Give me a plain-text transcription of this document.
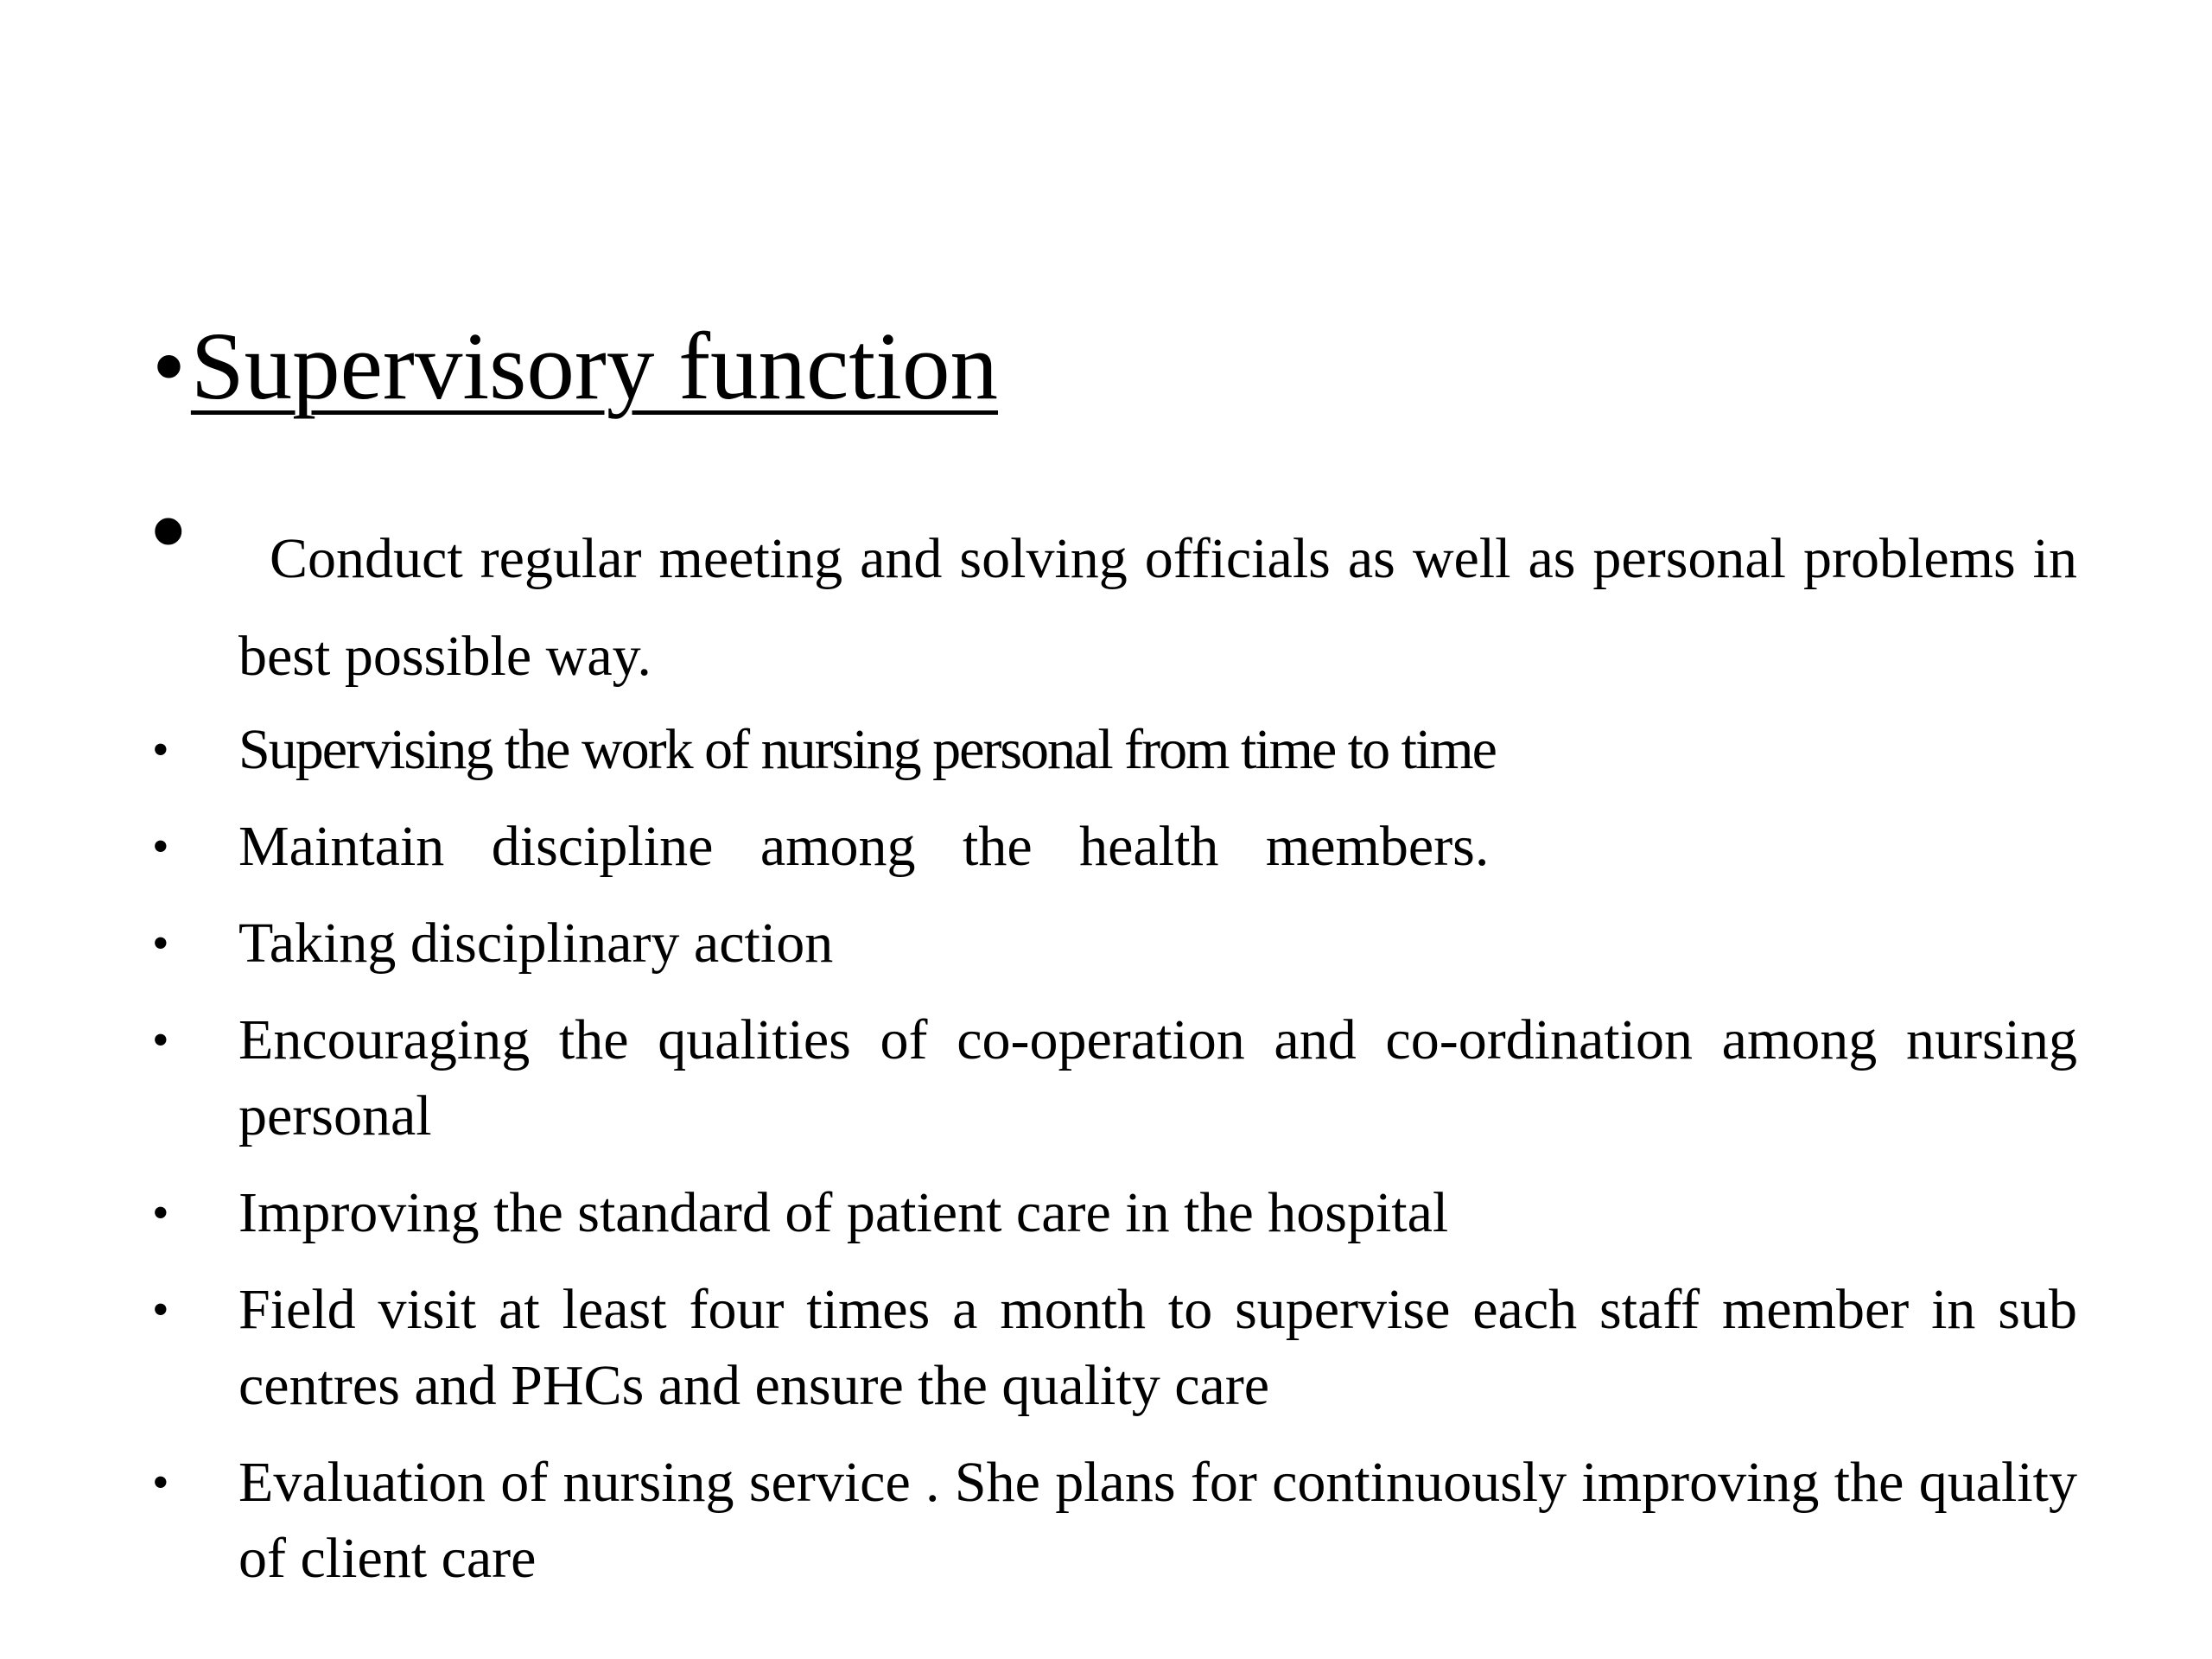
•Supervisory function
•	Conduct regular meeting and solving officials as well as personal problems in best possible way.
• Supervising the work of nursing personal from time to time
• Maintain discipline among the health members.
• Taking disciplinary action
• Encouraging the qualities of co-operation and co-ordination among nursing personal
• Improving the standard of patient care in the hospital
• Field visit at least four times a month to supervise each staff member in sub centres and PHCs and ensure the quality care
• Evaluation of nursing service . She plans for continuously improving the quality of client care
